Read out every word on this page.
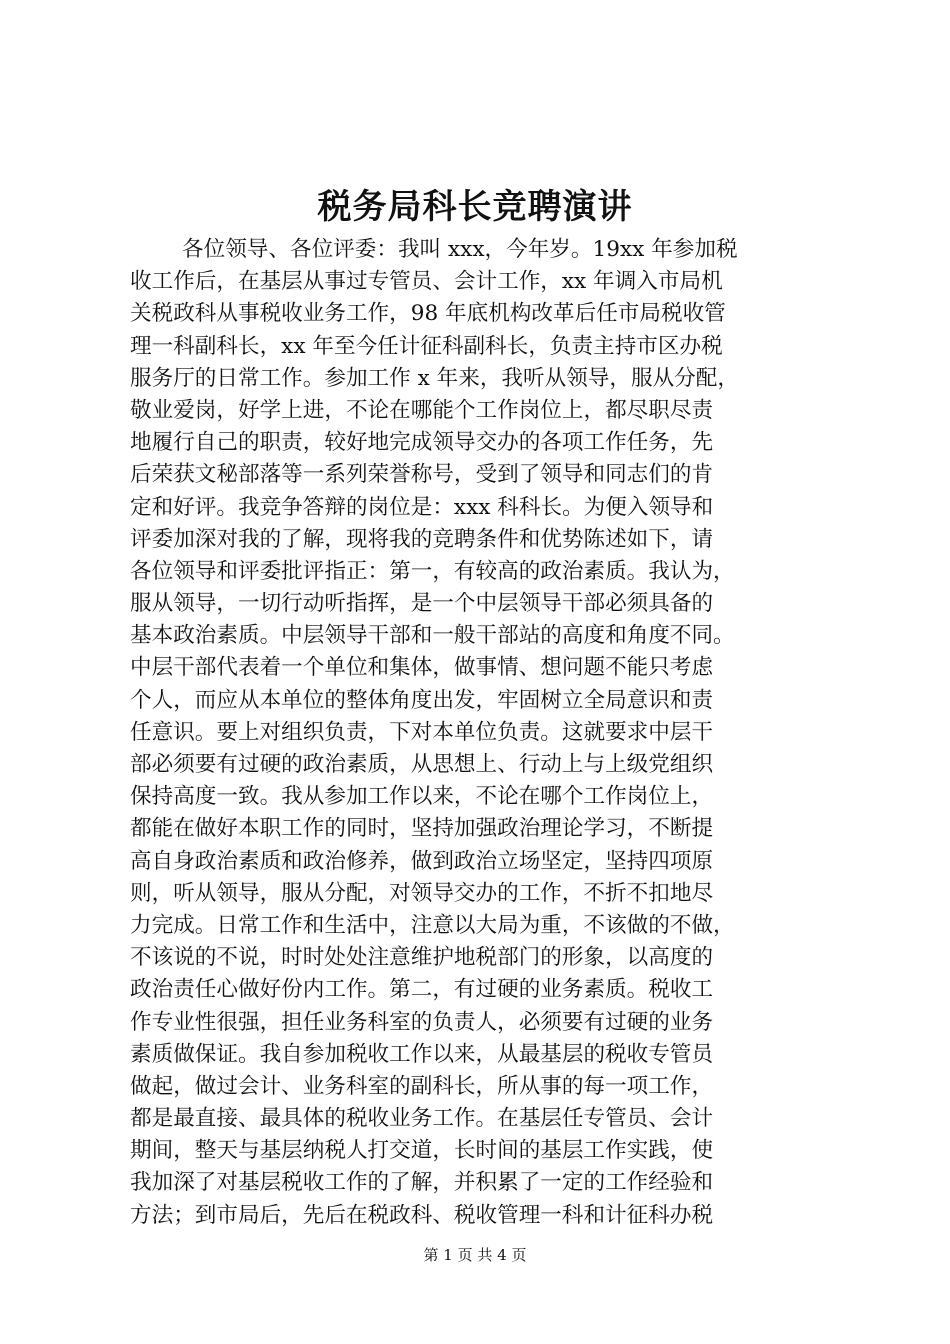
税务局科长竞聘演讲
各位领导、各位评委：我叫 xxx，今年岁。19xx 年参加税
收工作后，在基层从事过专管员、会计工作，xx 年调入市局机
关税政科从事税收业务工作，98 年底机构改革后任市局税收管
理一科副科长，xx 年至今任计征科副科长，负责主持市区办税
服务厅的日常工作。参加工作 x 年来，我听从领导，服从分配，
敬业爱岗，好学上进，不论在哪能个工作岗位上，都尽职尽责
地履行自己的职责，较好地完成领导交办的各项工作任务，先
后荣获文秘部落等一系列荣誉称号，受到了领导和同志们的肯
定和好评。我竞争答辩的岗位是：xxx 科科长。为便入领导和
评委加深对我的了解，现将我的竞聘条件和优势陈述如下，请
各位领导和评委批评指正：第一，有较高的政治素质。我认为，
服从领导，一切行动听指挥，是一个中层领导干部必须具备的
基本政治素质。中层领导干部和一般干部站的高度和角度不同。
中层干部代表着一个单位和集体，做事情、想问题不能只考虑
个人，而应从本单位的整体角度出发，牢固树立全局意识和责
任意识。要上对组织负责，下对本单位负责。这就要求中层干
部必须要有过硬的政治素质，从思想上、行动上与上级党组织
保持高度一致。我从参加工作以来，不论在哪个工作岗位上，
都能在做好本职工作的同时，坚持加强政治理论学习，不断提
高自身政治素质和政治修养，做到政治立场坚定，坚持四项原
则，听从领导，服从分配，对领导交办的工作，不折不扣地尽
力完成。日常工作和生活中，注意以大局为重，不该做的不做，
不该说的不说，时时处处注意维护地税部门的形象，以高度的
政治责任心做好份内工作。第二，有过硬的业务素质。税收工
作专业性很强，担任业务科室的负责人，必须要有过硬的业务
素质做保证。我自参加税收工作以来，从最基层的税收专管员
做起，做过会计、业务科室的副科长，所从事的每一项工作，
都是最直接、最具体的税收业务工作。在基层任专管员、会计
期间，整天与基层纳税人打交道，长时间的基层工作实践，使
我加深了对基层税收工作的了解，并积累了一定的工作经验和
方法；到市局后，先后在税政科、税收管理一科和计征科办税
第 1 页 共 4 页
